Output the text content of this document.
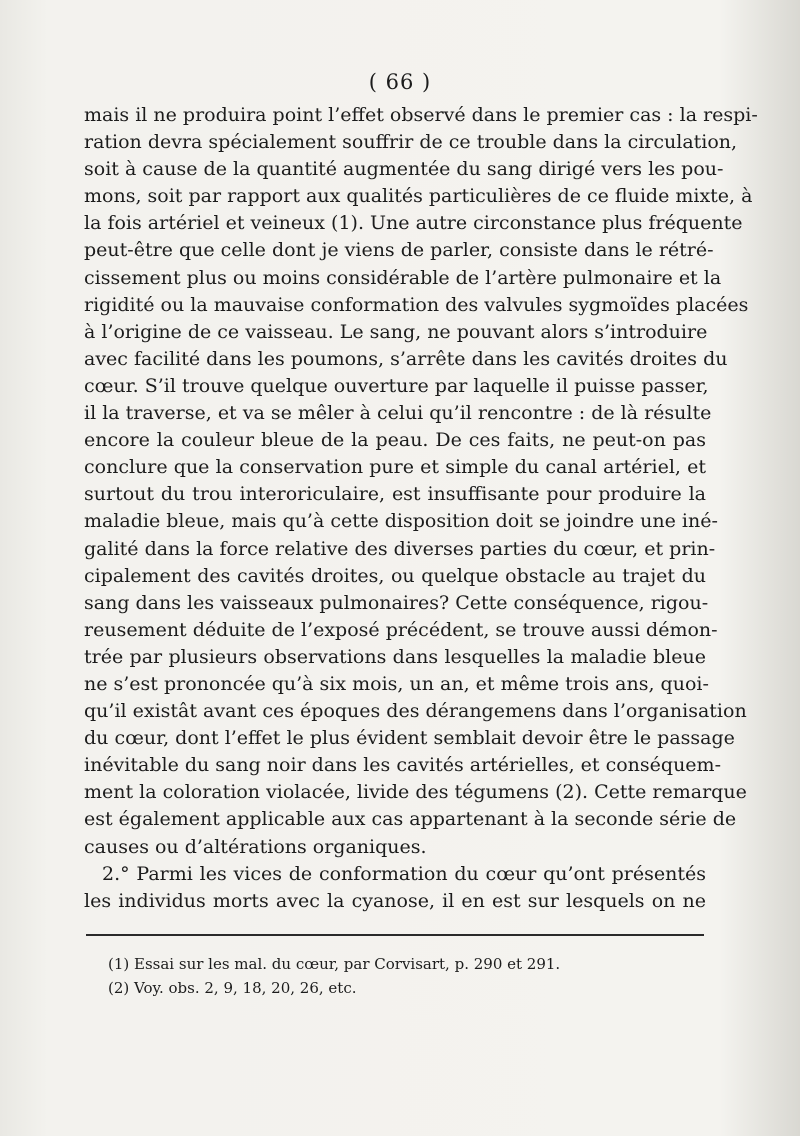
( 66 )
mais il ne produira point l’effet observé dans le premier cas : la respi-
ration devra spécialement souffrir de ce trouble dans la circulation,
soit à cause de la quantité augmentée du sang dirigé vers les pou-
mons, soit par rapport aux qualités particulières de ce fluide mixte, à
la fois artériel et veineux (1). Une autre circonstance plus fréquente
peut-être que celle dont je viens de parler, consiste dans le rétré-
cissement plus ou moins considérable de l’artère pulmonaire et la
rigidité ou la mauvaise conformation des valvules sygmoïdes placées
à l’origine de ce vaisseau. Le sang, ne pouvant alors s’introduire
avec facilité dans les poumons, s’arrête dans les cavités droites du
cœur. S’il trouve quelque ouverture par laquelle il puisse passer,
il la traverse, et va se mêler à celui qu’il rencontre : de là résulte
encore la couleur bleue de la peau. De ces faits, ne peut-on pas
conclure que la conservation pure et simple du canal artériel, et
surtout du trou interoriculaire, est insuffisante pour produire la
maladie bleue, mais qu’à cette disposition doit se joindre une iné-
galité dans la force relative des diverses parties du cœur, et prin-
cipalement des cavités droites, ou quelque obstacle au trajet du
sang dans les vaisseaux pulmonaires? Cette conséquence, rigou-
reusement déduite de l’exposé précédent, se trouve aussi démon-
trée par plusieurs observations dans lesquelles la maladie bleue
ne s’est prononcée qu’à six mois, un an, et même trois ans, quoi-
qu’il existât avant ces époques des dérangemens dans l’organisation
du cœur, dont l’effet le plus évident semblait devoir être le passage
inévitable du sang noir dans les cavités artérielles, et conséquem-
ment la coloration violacée, livide des tégumens (2). Cette remarque
est également applicable aux cas appartenant à la seconde série de
causes ou d’altérations organiques.
2.° Parmi les vices de conformation du cœur qu’ont présentés
les individus morts avec la cyanose, il en est sur lesquels on ne
(1) Essai sur les mal. du cœur, par Corvisart, p. 290 et 291.
(2) Voy. obs. 2, 9, 18, 20, 26, etc.
